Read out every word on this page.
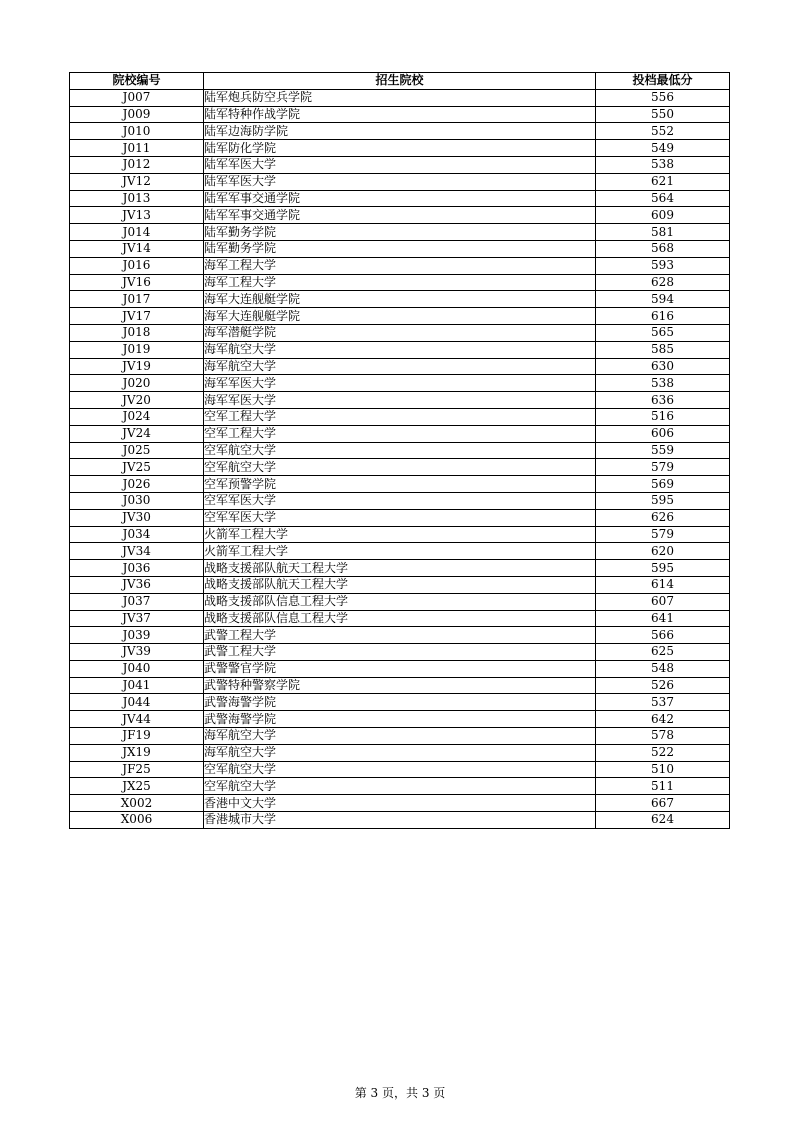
院校编号	招生院校	投档最低分
J007	陆军炮兵防空兵学院	556
J009	陆军特种作战学院	550
J010	陆军边海防学院	552
J011	陆军防化学院	549
J012	陆军军医大学	538
JV12	陆军军医大学	621
J013	陆军军事交通学院	564
JV13	陆军军事交通学院	609
J014	陆军勤务学院	581
JV14	陆军勤务学院	568
J016	海军工程大学	593
JV16	海军工程大学	628
J017	海军大连舰艇学院	594
JV17	海军大连舰艇学院	616
J018	海军潜艇学院	565
J019	海军航空大学	585
JV19	海军航空大学	630
J020	海军军医大学	538
JV20	海军军医大学	636
J024	空军工程大学	516
JV24	空军工程大学	606
J025	空军航空大学	559
JV25	空军航空大学	579
J026	空军预警学院	569
J030	空军军医大学	595
JV30	空军军医大学	626
J034	火箭军工程大学	579
JV34	火箭军工程大学	620
J036	战略支援部队航天工程大学	595
JV36	战略支援部队航天工程大学	614
J037	战略支援部队信息工程大学	607
JV37	战略支援部队信息工程大学	641
J039	武警工程大学	566
JV39	武警工程大学	625
J040	武警警官学院	548
J041	武警特种警察学院	526
J044	武警海警学院	537
JV44	武警海警学院	642
JF19	海军航空大学	578
JX19	海军航空大学	522
JF25	空军航空大学	510
JX25	空军航空大学	511
X002	香港中文大学	667
X006	香港城市大学	624
第 3 页，共 3 页
